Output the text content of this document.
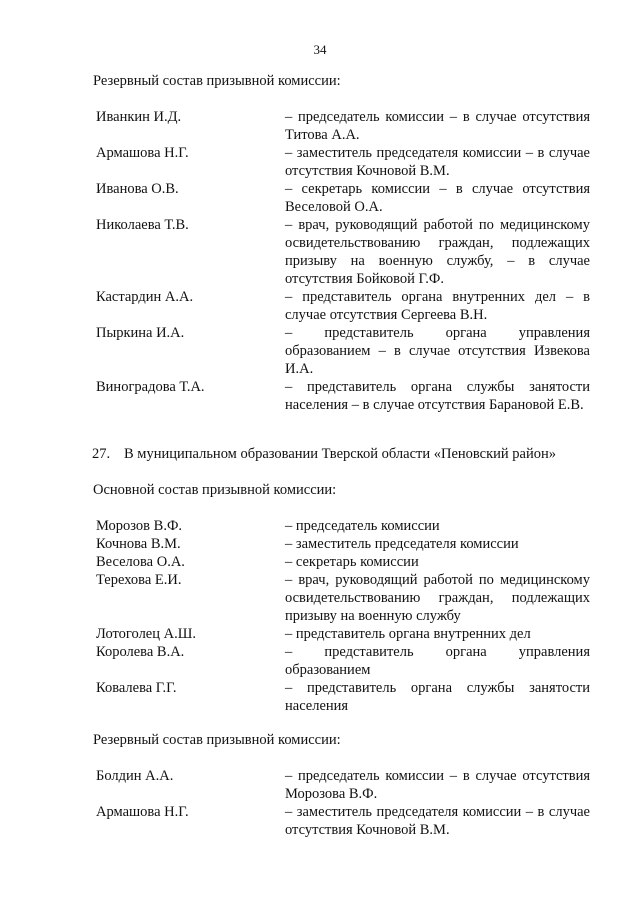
34
Резервный состав призывной комиссии:
Иванкин И.Д.	– председатель комиссии – в случае отсутствия Титова А.А.
Армашова Н.Г.	– заместитель председателя комиссии – в случае отсутствия Кочновой В.М.
Иванова О.В.	– секретарь комиссии – в случае отсутствия Веселовой О.А.
Николаева Т.В.	– врач, руководящий работой по медицинскому освидетельствованию граждан, подлежащих призыву на военную службу, – в случае отсутствия Бойковой Г.Ф.
Кастардин А.А.	– представитель органа внутренних дел – в случае отсутствия Сергеева В.Н.
Пыркина И.А.	– представитель органа управления образованием – в случае отсутствия Извекова И.А.
Виноградова Т.А.	– представитель органа службы занятости населения – в случае отсутствия Барановой Е.В.
27. В муниципальном образовании Тверской области «Пеновский район»
Основной состав призывной комиссии:
Морозов В.Ф.	– председатель комиссии
Кочнова В.М.	– заместитель председателя комиссии
Веселова О.А.	– секретарь комиссии
Терехова Е.И.	– врач, руководящий работой по медицинскому освидетельствованию граждан, подлежащих призыву на военную службу
Лотоголец А.Ш.	– представитель органа внутренних дел
Королева В.А.	– представитель органа управления образованием
Ковалева Г.Г.	– представитель органа службы занятости населения
Резервный состав призывной комиссии:
Болдин А.А.	– председатель комиссии – в случае отсутствия Морозова В.Ф.
Армашова Н.Г.	– заместитель председателя комиссии – в случае отсутствия Кочновой В.М.
